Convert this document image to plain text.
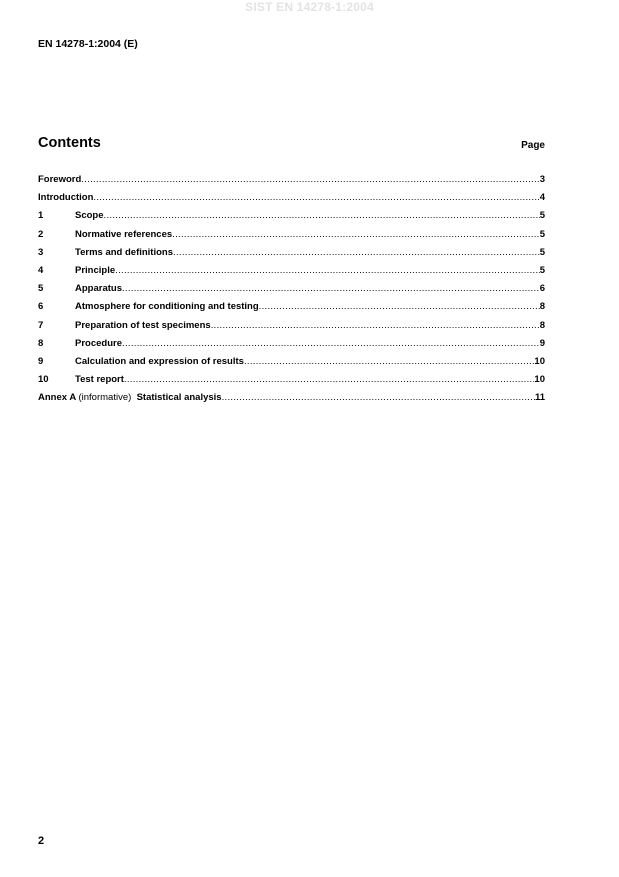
SIST EN 14278-1:2004
EN 14278-1:2004 (E)
Contents	Page
Foreword .....	3
Introduction .....	4
1	Scope .....	5
2	Normative references .....	5
3	Terms and definitions .....	5
4	Principle .....	5
5	Apparatus .....	6
6	Atmosphere for conditioning and testing .....	8
7	Preparation of test specimens .....	8
8	Procedure .....	9
9	Calculation and expression of results .....	10
10	Test report .....	10
Annex A (informative) Statistical analysis .....	11
2
